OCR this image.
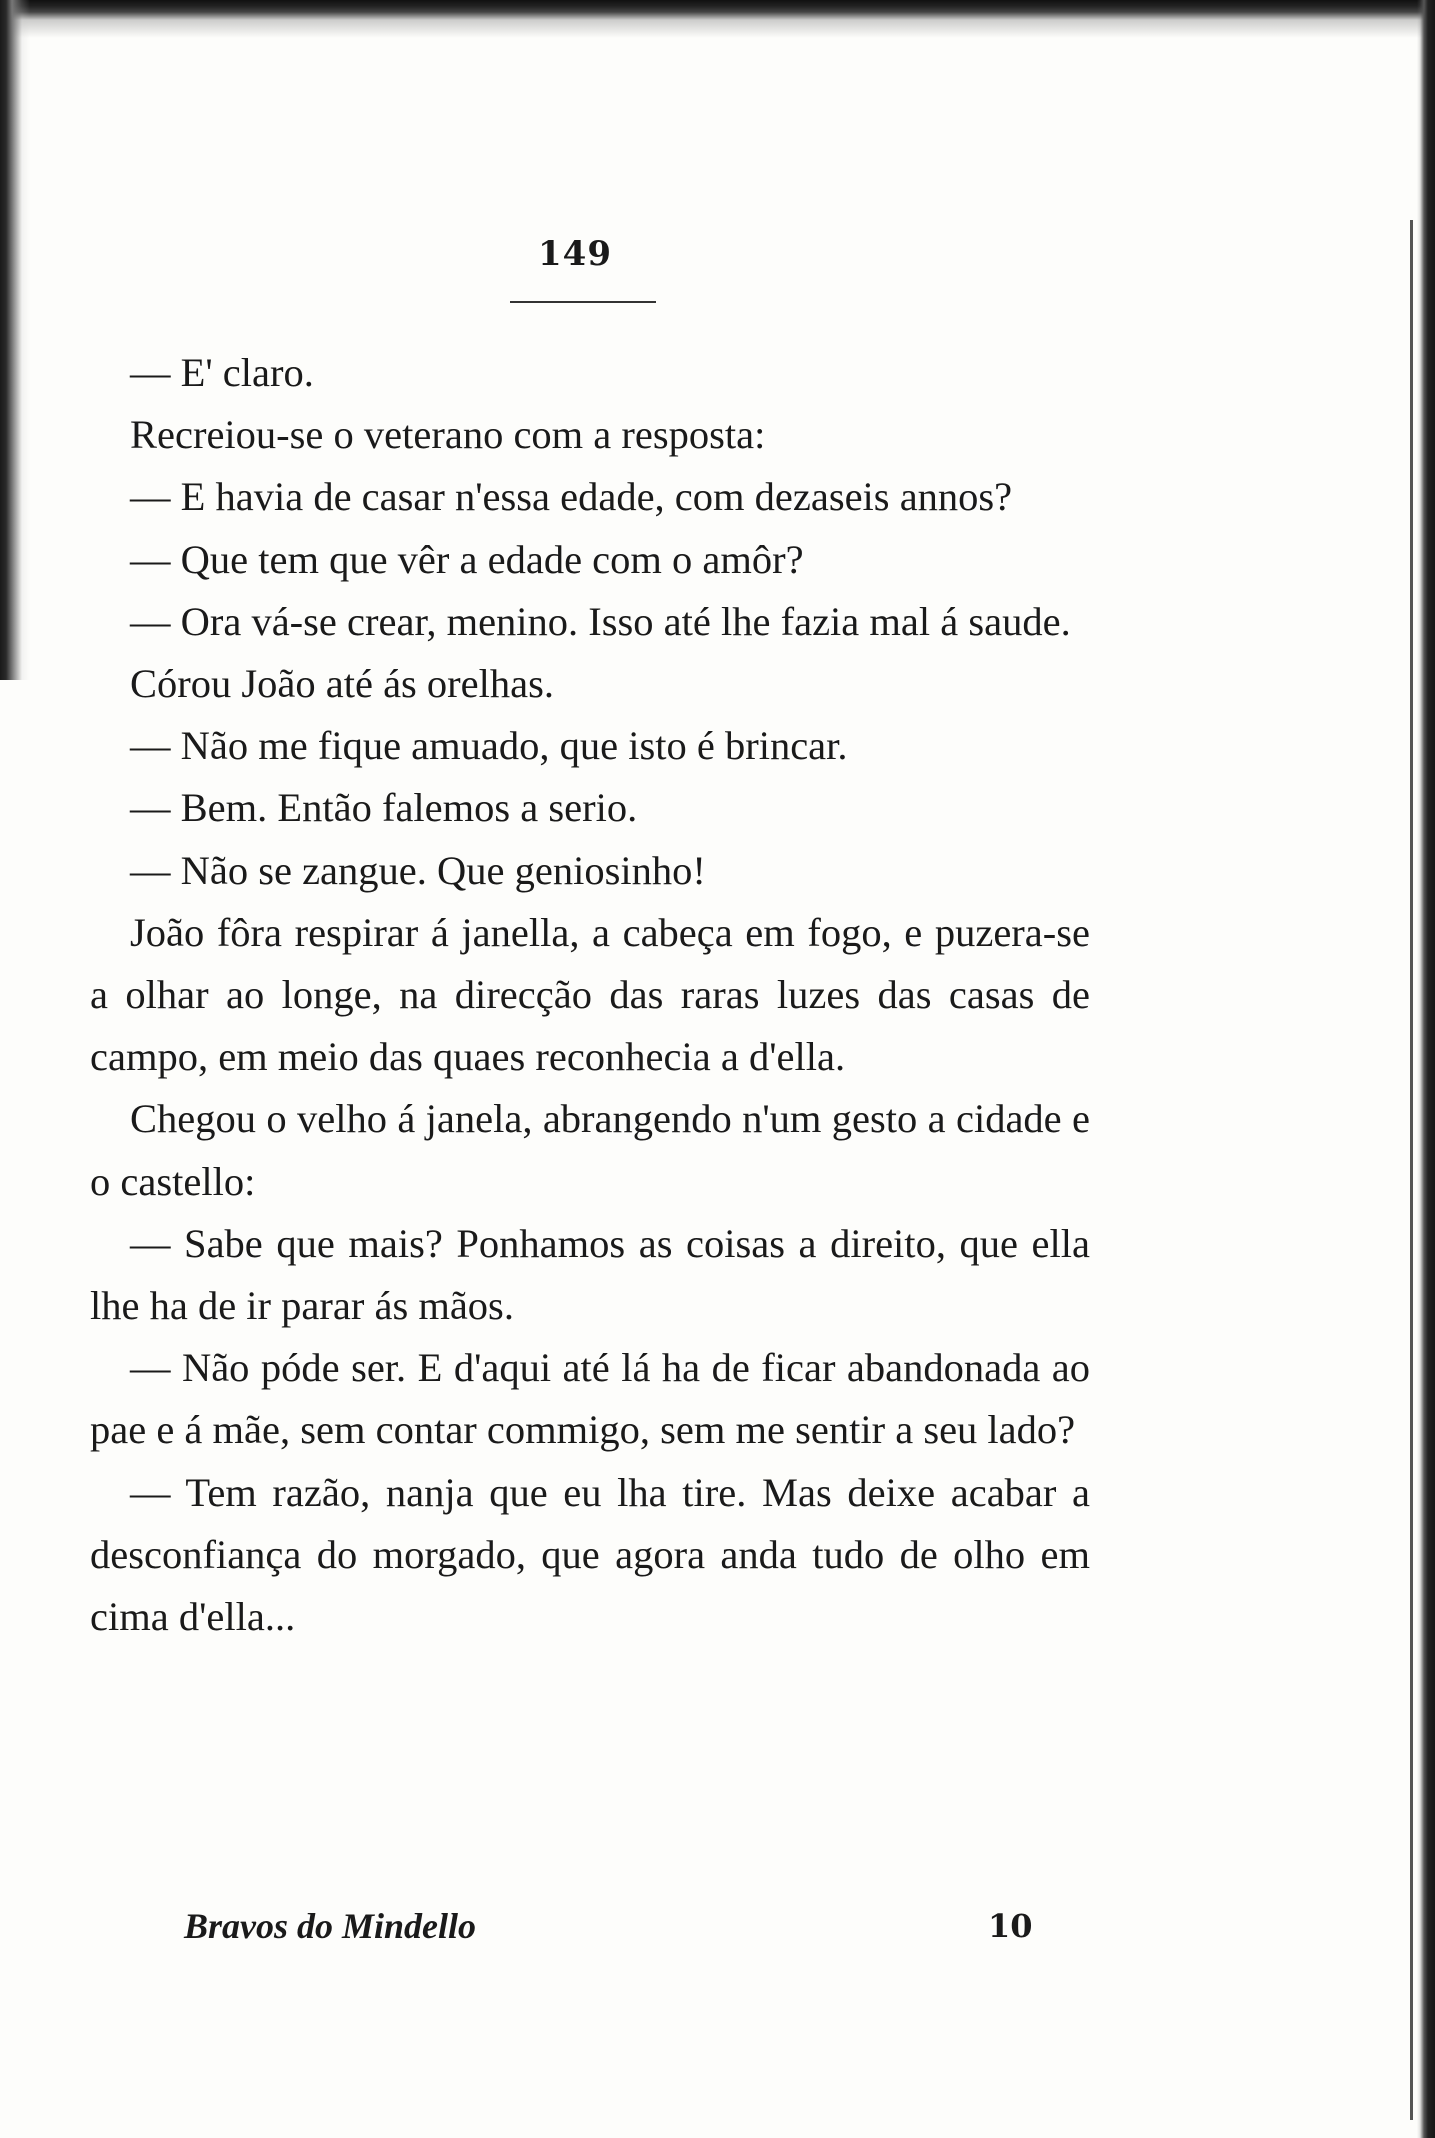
149

— E' claro.

Recreiou-se o veterano com a resposta:

— E havia de casar n'essa edade, com dezaseis annos?

— Que tem que vêr a edade com o amôr?

— Ora vá-se crear, menino. Isso até lhe fazia mal á saude.

Córou João até ás orelhas.

— Não me fique amuado, que isto é brincar.

— Bem. Então falemos a serio.

— Não se zangue. Que geniosinho!

João fôra respirar á janella, a cabeça em fogo, e puzera-se a olhar ao longe, na direcção das raras luzes das casas de campo, em meio das quaes reconhecia a d'ella.

Chegou o velho á janela, abrangendo n'um gesto a cidade e o castello:

— Sabe que mais? Ponhamos as coisas a direito, que ella lhe ha de ir parar ás mãos.

— Não póde ser. E d'aqui até lá ha de ficar abandonada ao pae e á mãe, sem contar commigo, sem me sentir a seu lado?

— Tem razão, nanja que eu lha tire. Mas deixe acabar a desconfiança do morgado, que agora anda tudo de olho em cima d'ella...

Bravos do Mindello	10
